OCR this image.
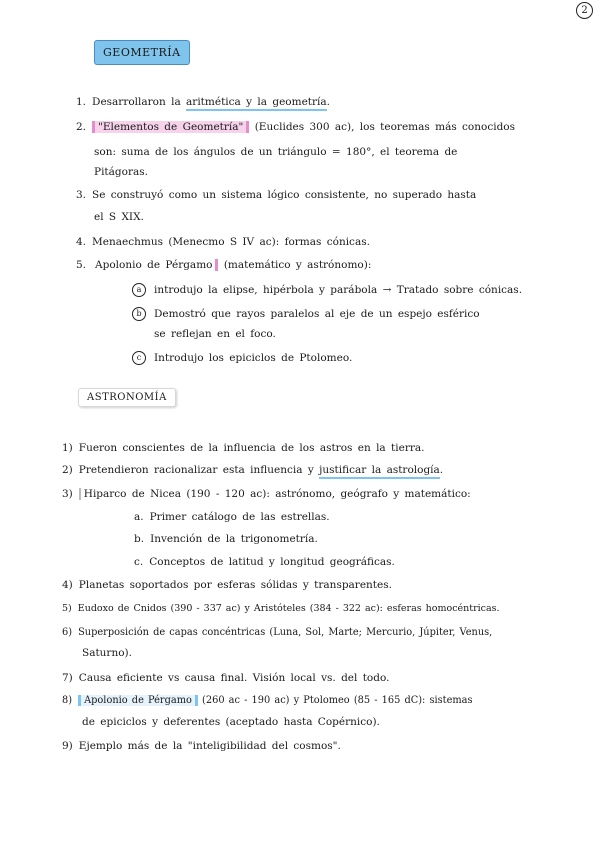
2
GEOMETRÍA
1. Desarrollaron la aritmética y la geometría.
2. "Elementos de Geometría" (Euclides 300 ac), los teoremas más conocidos
son: suma de los ángulos de un triángulo = 180°, el teorema de
Pitágoras.
3. Se construyó como un sistema lógico consistente, no superado hasta
el S XIX.
4. Menaechmus (Menecmo S IV ac): formas cónicas.
5. Apolonio de Pérgamo (matemático y astrónomo):
a introdujo la elipse, hipérbola y parábola → Tratado sobre cónicas.
b Demostró que rayos paralelos al eje de un espejo esférico
se reflejan en el foco.
c Introdujo los epiciclos de Ptolomeo.
ASTRONOMÍA
1) Fueron conscientes de la influencia de los astros en la tierra.
2) Pretendieron racionalizar esta influencia y justificar la astrología.
3) Hiparco de Nicea (190 - 120 ac): astrónomo, geógrafo y matemático:
a. Primer catálogo de las estrellas.
b. Invención de la trigonometría.
c. Conceptos de latitud y longitud geográficas.
4) Planetas soportados por esferas sólidas y transparentes.
5) Eudoxo de Cnidos (390 - 337 ac) y Aristóteles (384 - 322 ac): esferas homocéntricas.
6) Superposición de capas concéntricas (Luna, Sol, Marte; Mercurio, Júpiter, Venus,
Saturno).
7) Causa eficiente vs causa final. Visión local vs. del todo.
8) Apolonio de Pérgamo (260 ac - 190 ac) y Ptolomeo (85 - 165 dC): sistemas
de epiciclos y deferentes (aceptado hasta Copérnico).
9) Ejemplo más de la "inteligibilidad del cosmos".
